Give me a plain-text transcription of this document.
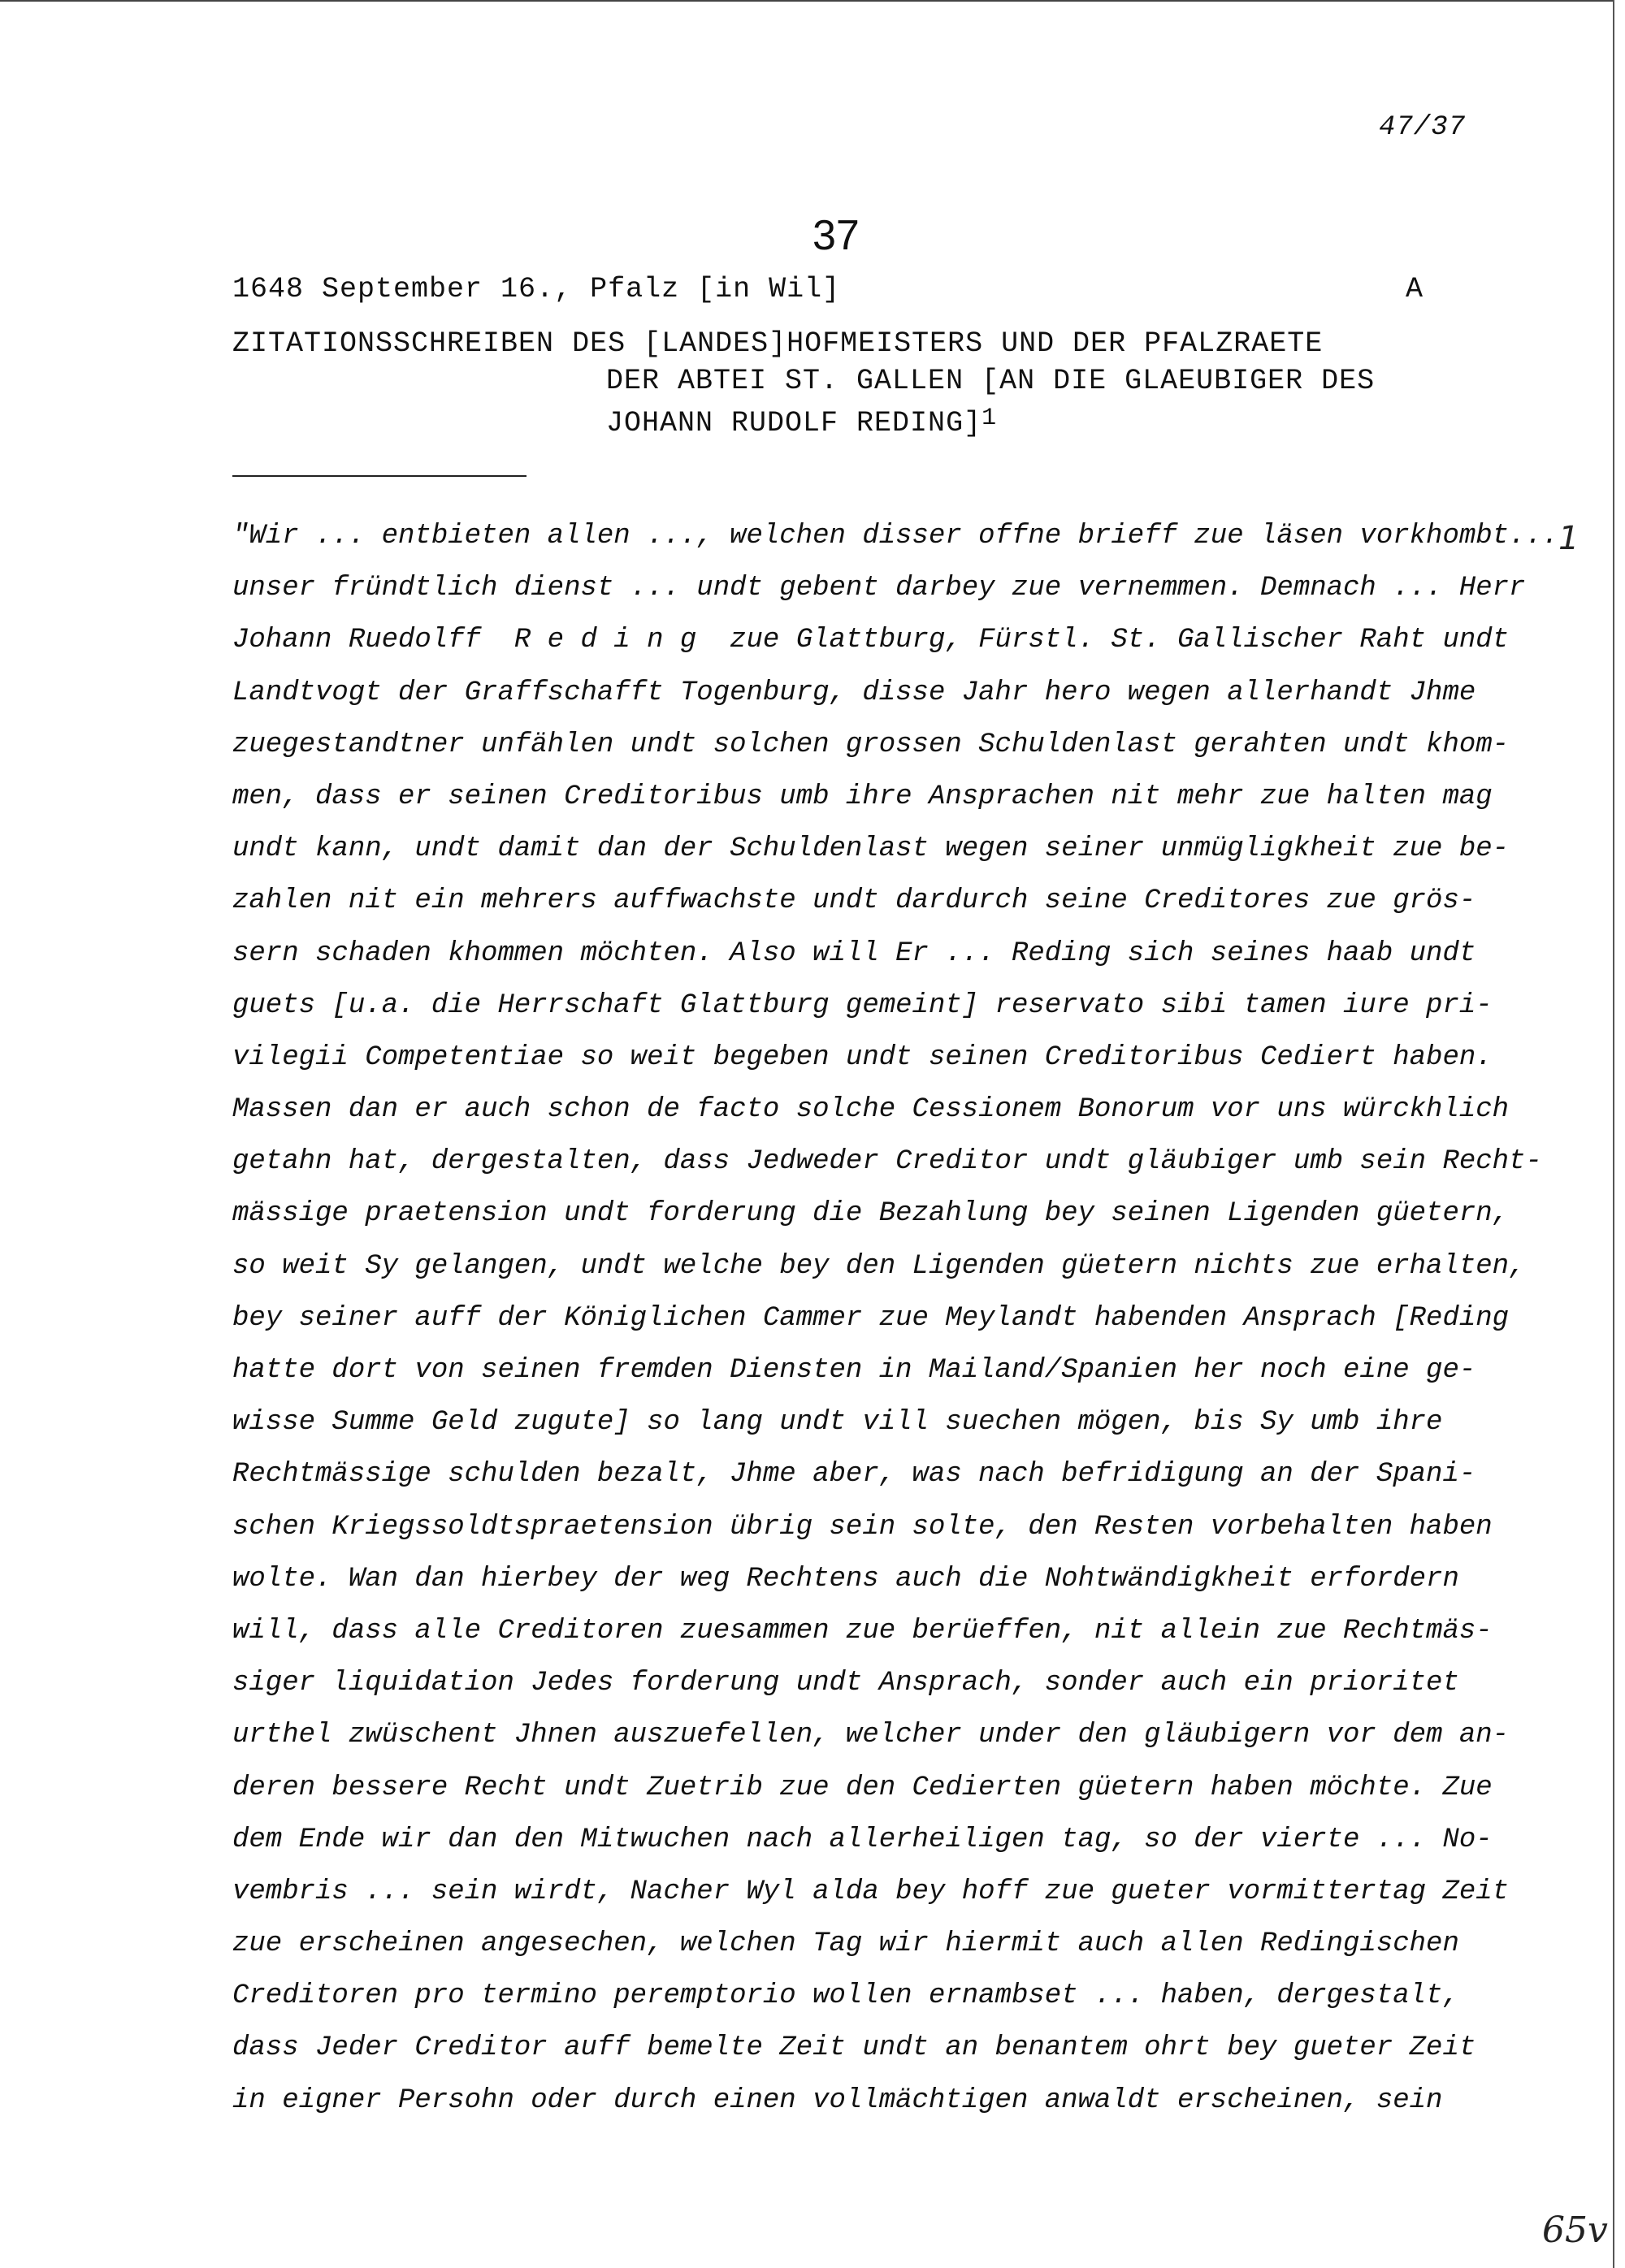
47/37
37
1648 September 16., Pfalz [in Wil]	A
ZITATIONSSCHREIBEN DES [LANDES]HOFMEISTERS UND DER PFALZRAETE
DER ABTEI ST. GALLEN [AN DIE GLAEUBIGER DES
JOHANN RUDOLF REDING]$^1$
1
"Wir ... entbieten allen ..., welchen disser offne brieff zue läsen vorkhombt...
unser fründtlich dienst ... undt gebent darbey zue vernemmen. Demnach ... Herr
Johann Ruedolff  R e d i n g  zue Glattburg, Fürstl. St. Gallischer Raht undt
Landtvogt der Graffschafft Togenburg, disse Jahr hero wegen allerhandt Jhme
zuegestandtner unfählen undt solchen grossen Schuldenlast gerahten undt khom-
men, dass er seinen Creditoribus umb ihre Ansprachen nit mehr zue halten mag
undt kann, undt damit dan der Schuldenlast wegen seiner unmügligkheit zue be-
zahlen nit ein mehrers auffwachste undt dardurch seine Creditores zue grös-
sern schaden khommen möchten. Also will Er ... Reding sich seines haab undt
guets [u.a. die Herrschaft Glattburg gemeint] reservato sibi tamen iure pri-
vilegii Competentiae so weit begeben undt seinen Creditoribus Cediert haben.
Massen dan er auch schon de facto solche Cessionem Bonorum vor uns würckhlich
getahn hat, dergestalten, dass Jedweder Creditor undt gläubiger umb sein Recht-
mässige praetension undt forderung die Bezahlung bey seinen Ligenden güetern,
so weit Sy gelangen, undt welche bey den Ligenden güetern nichts zue erhalten,
bey seiner auff der Königlichen Cammer zue Meylandt habenden Ansprach [Reding
hatte dort von seinen fremden Diensten in Mailand/Spanien her noch eine ge-
wisse Summe Geld zugute] so lang undt vill suechen mögen, bis Sy umb ihre
Rechtmässige schulden bezalt, Jhme aber, was nach befridigung an der Spani-
schen Kriegssoldtspraetension übrig sein solte, den Resten vorbehalten haben
wolte. Wan dan hierbey der weg Rechtens auch die Nohtwändigkheit erfordern
will, dass alle Creditoren zuesammen zue berüeffen, nit allein zue Rechtmäs-
siger liquidation Jedes forderung undt Ansprach, sonder auch ein prioritet
urthel zwüschent Jhnen auszuefellen, welcher under den gläubigern vor dem an-
deren bessere Recht undt Zuetrib zue den Cedierten güetern haben möchte. Zue
dem Ende wir dan den Mitwuchen nach allerheiligen tag, so der vierte ... No-
vembris ... sein wirdt, Nacher Wyl alda bey hoff zue gueter vormittertag Zeit
zue erscheinen angesechen, welchen Tag wir hiermit auch allen Redingischen
Creditoren pro termino peremptorio wollen ernambset ... haben, dergestalt,
dass Jeder Creditor auff bemelte Zeit undt an benantem ohrt bey gueter Zeit
in eigner Persohn oder durch einen vollmächtigen anwaldt erscheinen, sein
65v
